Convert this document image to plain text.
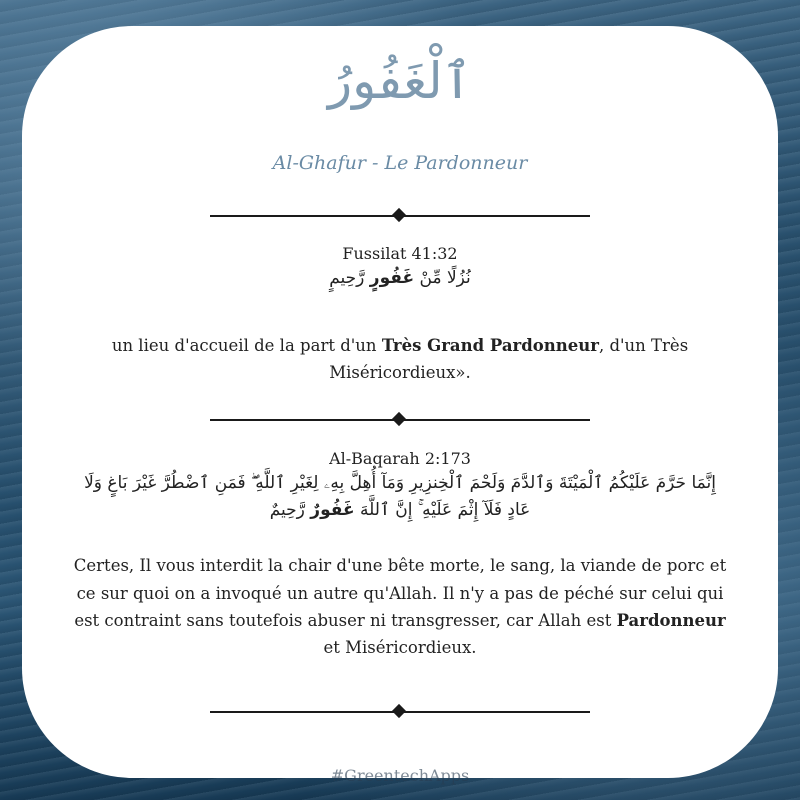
ٱلْغَفُورُ
Al-Ghafur - Le Pardonneur

Fussilat 41:32

نُزُلًا مِّنْ غَفُورٍ رَّحِيمٍ

un lieu d'accueil de la part d'un Très Grand Pardonneur, d'un Très Miséricordieux».

Al-Baqarah 2:173

إِنَّمَا حَرَّمَ عَلَيْكُمُ ٱلْمَيْتَةَ وَٱلدَّمَ وَلَحْمَ ٱلْخِنزِيرِ وَمَآ أُهِلَّ بِهِۦ لِغَيْرِ ٱللَّهِ ۖ فَمَنِ ٱضْطُرَّ غَيْرَ بَاغٍ وَلَا عَادٍ فَلَآ إِثْمَ عَلَيْهِ ۚ إِنَّ ٱللَّهَ غَفُورٌ رَّحِيمٌ

Certes, Il vous interdit la chair d'une bête morte, le sang, la viande de porc et ce sur quoi on a invoqué un autre qu'Allah. Il n'y a pas de péché sur celui qui est contraint sans toutefois abuser ni transgresser, car Allah est Pardonneur et Miséricordieux.

#GreentechApps
